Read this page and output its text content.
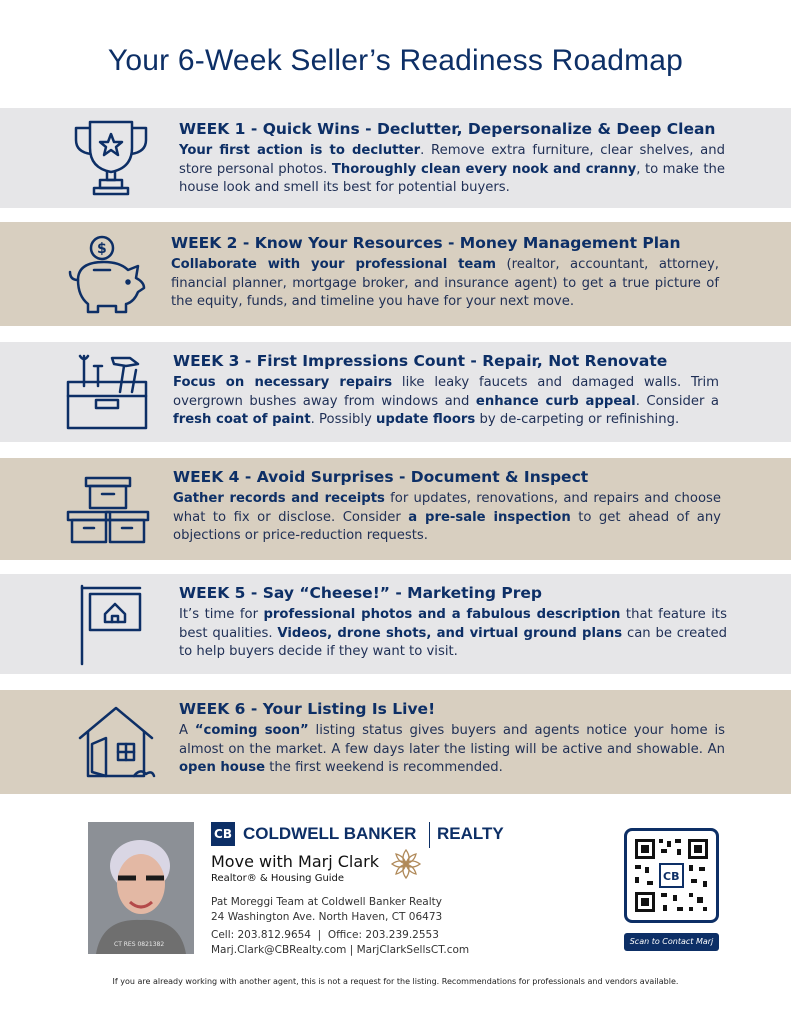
Your 6-Week Seller’s Readiness Roadmap
WEEK 1 - Quick Wins - Declutter, Depersonalize & Deep Clean
Your first action is to declutter. Remove extra furniture, clear shelves, and store personal photos. Thoroughly clean every nook and cranny, to make the house look and smell its best for potential buyers.
$	WEEK 2 - Know Your Resources - Money Management Plan
Collaborate with your professional team (realtor, accountant, attorney, financial planner, mortgage broker, and insurance agent) to get a true picture of the equity, funds, and timeline you have for your next move.
WEEK 3 - First Impressions Count - Repair, Not Renovate
Focus on necessary repairs like leaky faucets and damaged walls. Trim overgrown bushes away from windows and enhance curb appeal. Consider a fresh coat of paint. Possibly update floors by de-carpeting or refinishing.
WEEK 4 - Avoid Surprises - Document & Inspect
Gather records and receipts for updates, renovations, and repairs and choose what to fix or disclose. Consider a pre-sale inspection to get ahead of any objections or price-reduction requests.
WEEK 5 - Say “Cheese!” - Marketing Prep
It’s time for professional photos and a fabulous description that feature its best qualities. Videos, drone shots, and virtual ground plans can be created to help buyers decide if they want to visit.
WEEK 6 - Your Listing Is Live!
A “coming soon” listing status gives buyers and agents notice your home is almost on the market. A few days later the listing will be active and showable. An open house the first weekend is recommended.
CT RES 0821382
CB COLDWELL BANKER REALTY
Move with Marj Clark
Realtor® & Housing Guide
Pat Moreggi Team at Coldwell Banker Realty
24 Washington Ave. North Haven, CT 06473
Cell: 203.812.9654  |  Office: 203.239.2553
Marj.Clark@CBRealty.com | MarjClarkSellsCT.com
CB
Scan to Contact Marj
If you are already working with another agent, this is not a request for the listing. Recommendations for professionals and vendors available.
